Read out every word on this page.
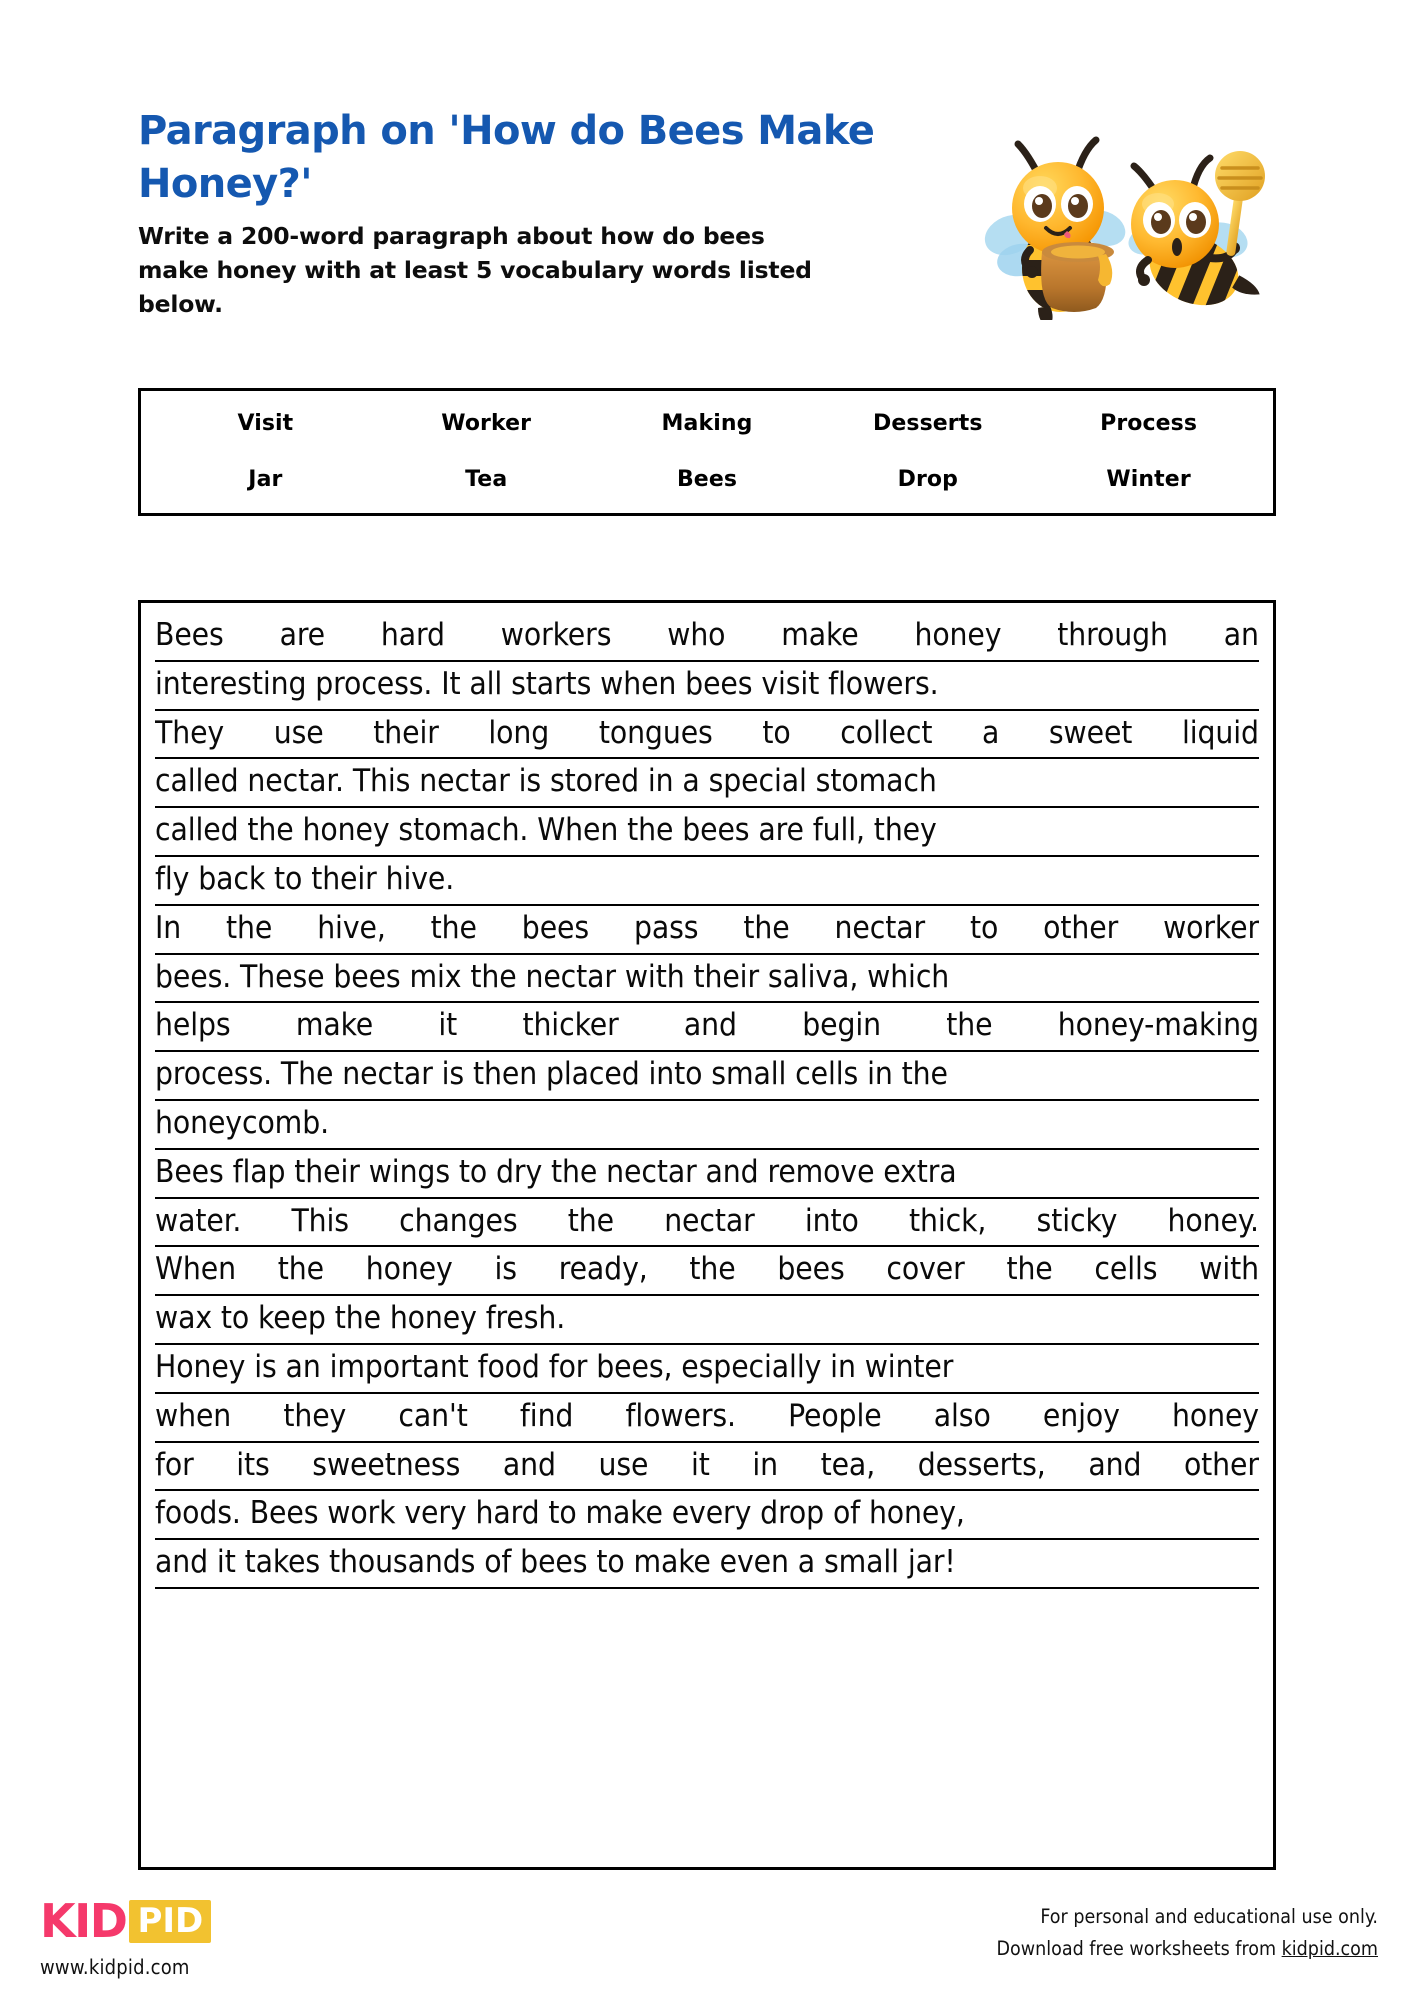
Paragraph on 'How do Bees Make Honey?'

Write a 200-word paragraph about how do bees make honey with at least 5 vocabulary words listed below.

Visit	Worker	Making	Desserts	Process
Jar	Tea	Bees	Drop	Winter
Bees are hard workers who make honey through an
interesting process. It all starts when bees visit flowers.
They use their long tongues to collect a sweet liquid
called nectar. This nectar is stored in a special stomach
called the honey stomach. When the bees are full, they
fly back to their hive.
In the hive, the bees pass the nectar to other worker
bees. These bees mix the nectar with their saliva, which
helps make it thicker and begin the honey-making
process. The nectar is then placed into small cells in the
honeycomb.
Bees flap their wings to dry the nectar and remove extra
water. This changes the nectar into thick, sticky honey.
When the honey is ready, the bees cover the cells with
wax to keep the honey fresh.
Honey is an important food for bees, especially in winter
when they can't find flowers. People also enjoy honey
for its sweetness and use it in tea, desserts, and other
foods. Bees work very hard to make every drop of honey,
and it takes thousands of bees to make even a small jar!
KID PID
www.kidpid.com
For personal and educational use only.
Download free worksheets from kidpid.com
